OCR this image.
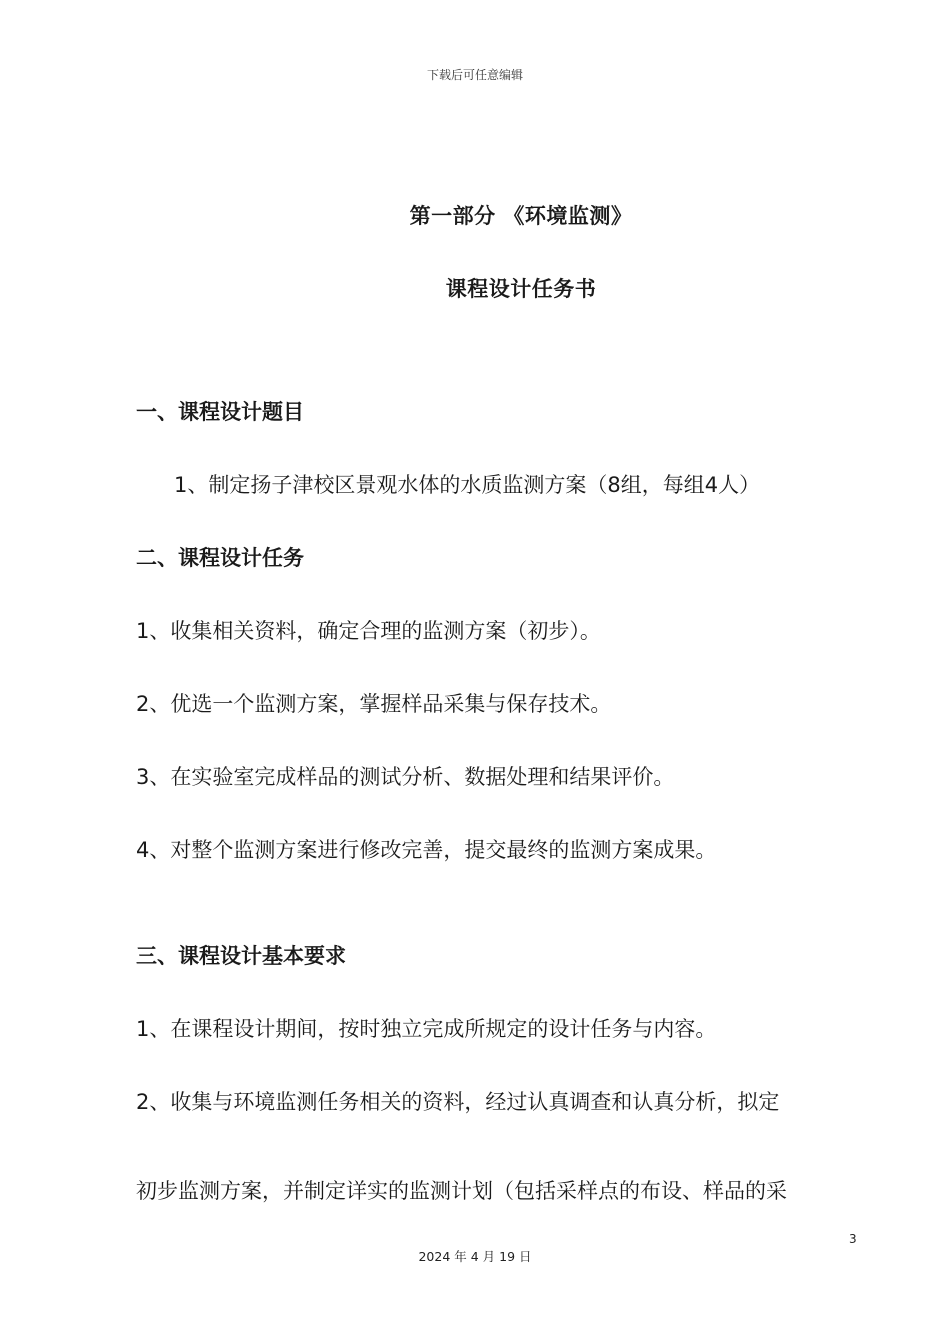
下载后可任意编辑
第一部分 《环境监测》
课程设计任务书
一、课程设计题目
1、制定扬子津校区景观水体的水质监测方案（8组，每组4人）
二、课程设计任务
1、收集相关资料，确定合理的监测方案（初步）。
2、优选一个监测方案，掌握样品采集与保存技术。
3、在实验室完成样品的测试分析、数据处理和结果评价。
4、对整个监测方案进行修改完善，提交最终的监测方案成果。
三、课程设计基本要求
1、在课程设计期间，按时独立完成所规定的设计任务与内容。
2、收集与环境监测任务相关的资料，经过认真调查和认真分析，拟定
初步监测方案，并制定详实的监测计划（包括采样点的布设、样品的采
3
2024 年 4 月 19 日
